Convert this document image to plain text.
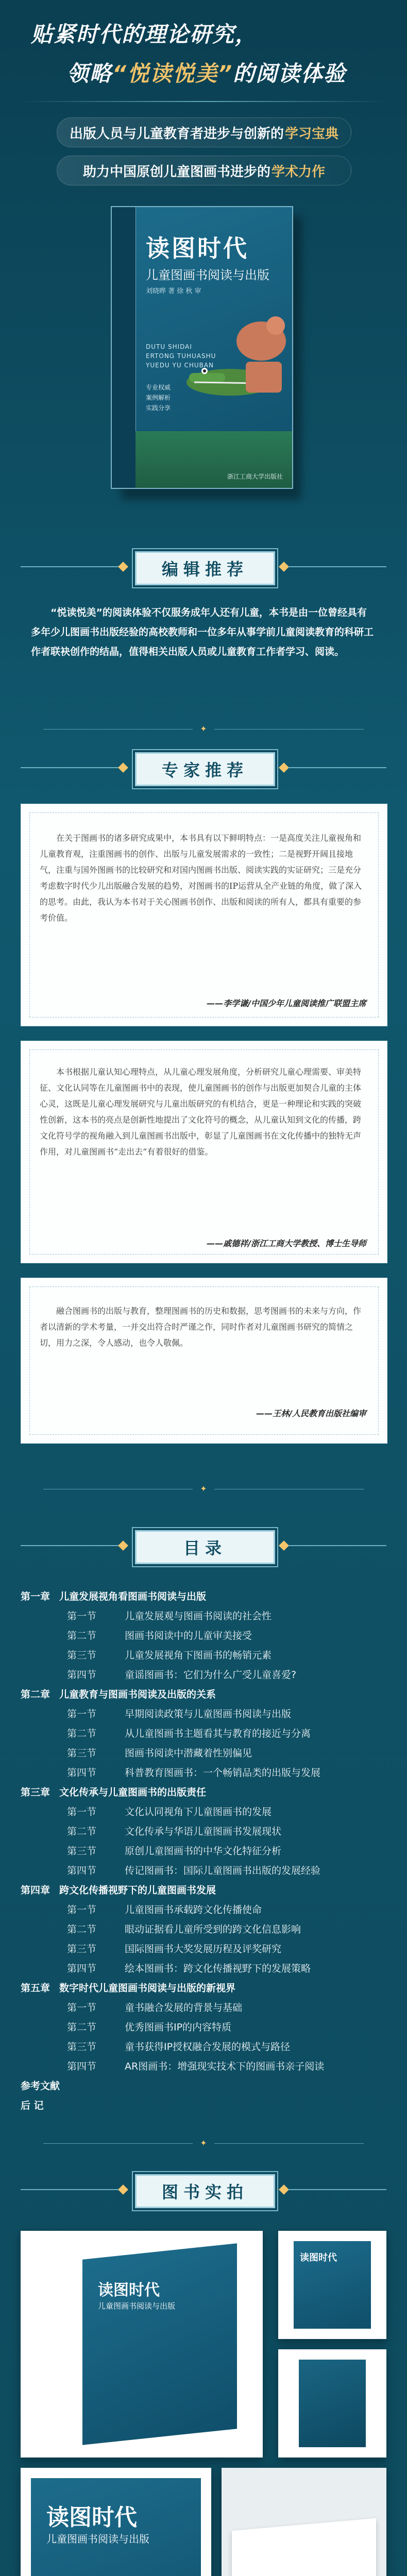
贴紧时代的理论研究，
领略“悦读悦美”的阅读体验
出版人员与儿童教育者进步与创新的 学习宝典
助力中国原创儿童图画书进步的 学术力作
读图时代
儿童图画书阅读与出版
刘晓晔 著 徐 秋 审
DUTU SHIDAI
ERTONG TUHUASHU
YUEDU YU CHUBAN
专业权威
案例解析
实践分享
浙江工商大学出版社
编辑推荐
“悦读悦美”的阅读体验不仅服务成年人还有儿童，本书是由一位曾经具有多年少儿图画书出版经验的高校教师和一位多年从事学前儿童阅读教育的科研工作者联袂创作的结晶，值得相关出版人员或儿童教育工作者学习、阅读。
✦
专家推荐

在关于图画书的诸多研究成果中，本书具有以下鲜明特点：一是高度关注儿童视角和儿童教育观，注重图画书的创作、出版与儿童发展需求的一致性；二是视野开阔且接地气，注重与国外图画书的比较研究和对国内图画书出版、阅读实践的实证研究；三是充分考虑数字时代少儿出版融合发展的趋势，对图画书的IP运营从全产业链的角度，做了深入的思考。由此，我认为本书对于关心图画书创作、出版和阅读的所有人，都具有重要的参考价值。

——李学谦/中国少年儿童阅读推广联盟主席

本书根据儿童认知心理特点，从儿童心理发展角度，分析研究儿童心理需要、审美特征、文化认同等在儿童图画书中的表现，使儿童图画书的创作与出版更加契合儿童的主体心灵，这既是儿童心理发展研究与儿童出版研究的有机结合，更是一种理论和实践的突破性创新，这本书的亮点是创新性地提出了文化符号的概念，从儿童认知到文化的传播，跨文化符号学的视角融入到儿童图画书出版中，彰显了儿童图画书在文化传播中的独特无声作用，对儿童图画书“走出去”有着很好的借鉴。

——戚德祥/浙江工商大学教授、博士生导师

融合图画书的出版与教育，整理图画书的历史和数据，思考图画书的未来与方向，作者以清新的学术考量，一并交出符合时严谨之作，同时作者对儿童图画书研究的简情之切，用力之深，令人感动，也令人敬佩。

——王林/人民教育出版社编审
✦
目录
第一章 儿童发展视角看图画书阅读与出版
第一节	儿童发展观与图画书阅读的社会性
第二节	图画书阅读中的儿童审美接受
第三节	儿童发展视角下图画书的畅销元素
第四节	童谣图画书：它们为什么广受儿童喜爱?
第二章 儿童教育与图画书阅读及出版的关系
第一节	早期阅读政策与儿童图画书阅读与出版
第二节	从儿童图画书主题看其与教育的接近与分离
第三节	图画书阅读中潜藏着性别偏见
第四节	科普教育图画书：一个畅销品类的出版与发展
第三章 文化传承与儿童图画书的出版责任
第一节	文化认同视角下儿童图画书的发展
第二节	文化传承与华语儿童图画书发展现状
第三节	原创儿童图画书的中华文化特征分析
第四节	传记图画书：国际儿童图画书出版的发展经验
第四章 跨文化传播视野下的儿童图画书发展
第一节	儿童图画书承载跨文化传播使命
第二节	眼动证据看儿童所受到的跨文化信息影响
第三节	国际图画书大奖发展历程及评奖研究
第四节	绘本图画书：跨文化传播视野下的发展策略
第五章 数字时代儿童图画书阅读与出版的新视界
第一节	童书融合发展的背景与基础
第二节	优秀图画书IP的内容特质
第三节	童书获得IP授权融合发展的模式与路径
第四节	AR图画书：增强现实技术下的图画书亲子阅读
参考文献
后 记
✦
图书实拍
读图时代
儿童图画书阅读与出版
读图时代
读图时代
儿童图画书阅读与出版
